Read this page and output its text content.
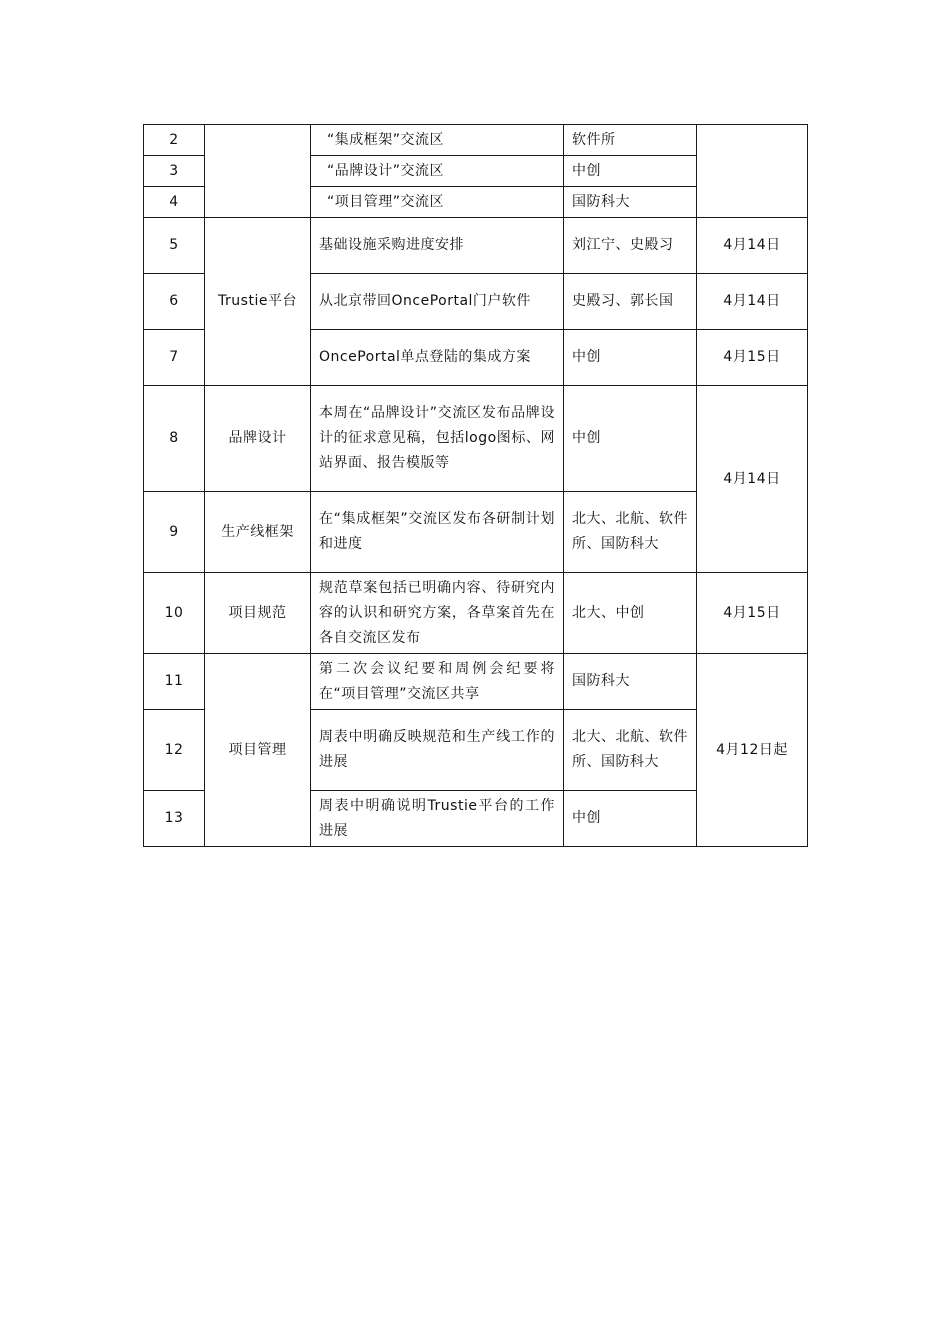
2		“集成框架”交流区	软件所	
3		“品牌设计”交流区	中创	
4		“项目管理”交流区	国防科大	
5	Trustie平台	基础设施采购进度安排	刘江宁、史殿习	4月14日
6		从北京带回OncePortal门户软件	史殿习、郭长国	4月14日
7		OncePortal单点登陆的集成方案	中创	4月15日
8	品牌设计	本周在“品牌设计”交流区发布品牌设计的征求意见稿，包括logo图标、网站界面、报告模版等	中创	4月14日
9	生产线框架	在“集成框架”交流区发布各研制计划和进度	北大、北航、软件所、国防科大	
10	项目规范	规范草案包括已明确内容、待研究内容的认识和研究方案，各草案首先在各自交流区发布	北大、中创	4月15日
11	项目管理	第二次会议纪要和周例会纪要将在“项目管理”交流区共享	国防科大	4月12日起
12		周表中明确反映规范和生产线工作的进展	北大、北航、软件所、国防科大	
13		周表中明确说明Trustie平台的工作进展	中创	
